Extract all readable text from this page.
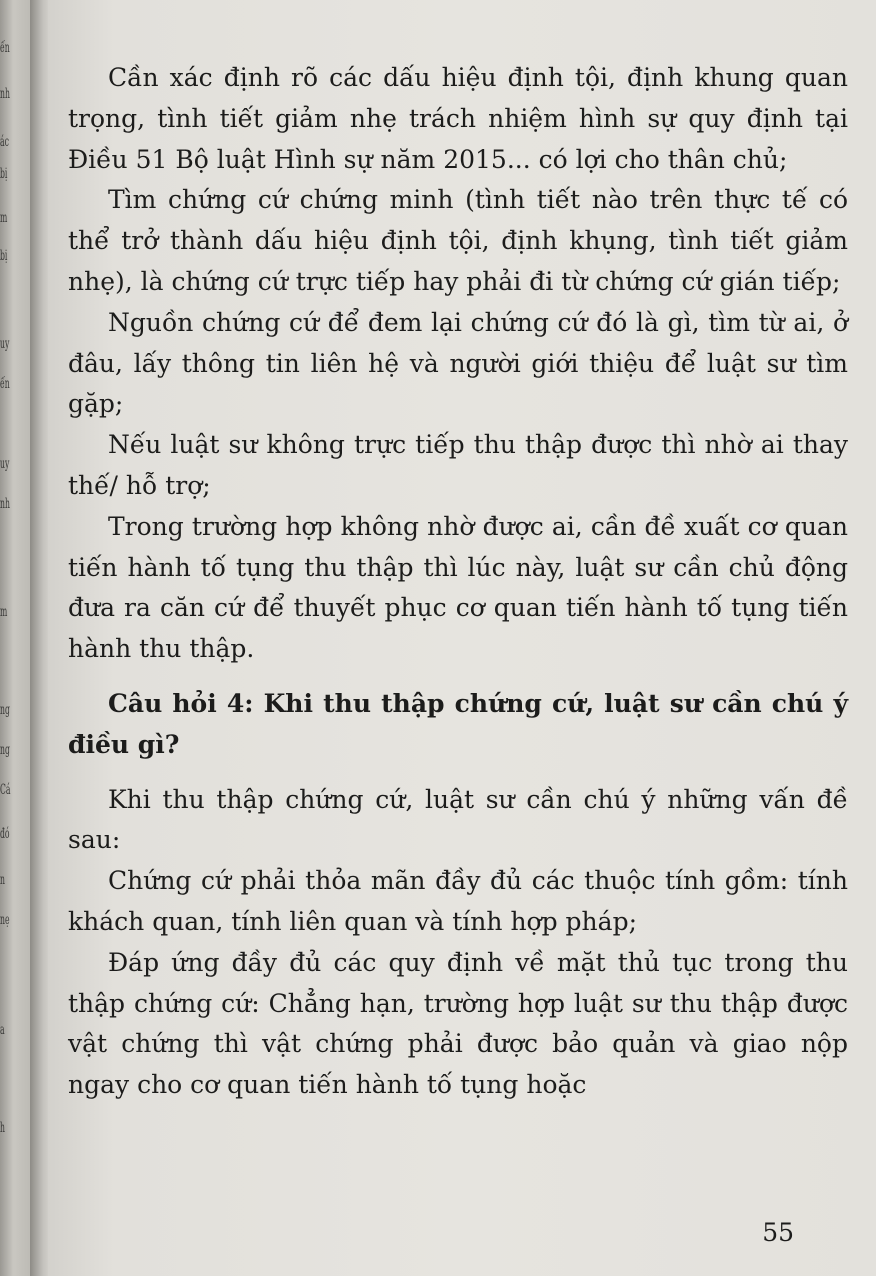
ến
nh
ác
bị
m
bị
uy
ến
uy
nh
m
ng
ng
Cá
đó
n
nẹ
a
h

Cần xác định rõ các dấu hiệu định tội, định khung quan trọng, tình tiết giảm nhẹ trách nhiệm hình sự quy định tại Điều 51 Bộ luật Hình sự năm 2015... có lợi cho thân chủ;

Tìm chứng cứ chứng minh (tình tiết nào trên thực tế có thể trở thành dấu hiệu định tội, định khụng, tình tiết giảm nhẹ), là chứng cứ trực tiếp hay phải đi từ chứng cứ gián tiếp;

Nguồn chứng cứ để đem lại chứng cứ đó là gì, tìm từ ai, ở đâu, lấy thông tin liên hệ và người giới thiệu để luật sư tìm gặp;

Nếu luật sư không trực tiếp thu thập được thì nhờ ai thay thế/ hỗ trợ;

Trong trường hợp không nhờ được ai, cần đề xuất cơ quan tiến hành tố tụng thu thập thì lúc này, luật sư cần chủ động đưa ra căn cứ để thuyết phục cơ quan tiến hành tố tụng tiến hành thu thập.

Câu hỏi 4: Khi thu thập chứng cứ, luật sư cần chú ý điều gì?

Khi thu thập chứng cứ, luật sư cần chú ý những vấn đề sau:

Chứng cứ phải thỏa mãn đầy đủ các thuộc tính gồm: tính khách quan, tính liên quan và tính hợp pháp;

Đáp ứng đầy đủ các quy định về mặt thủ tục trong thu thập chứng cứ: Chẳng hạn, trường hợp luật sư thu thập được vật chứng thì vật chứng phải được bảo quản và giao nộp ngay cho cơ quan tiến hành tố tụng hoặc

55
